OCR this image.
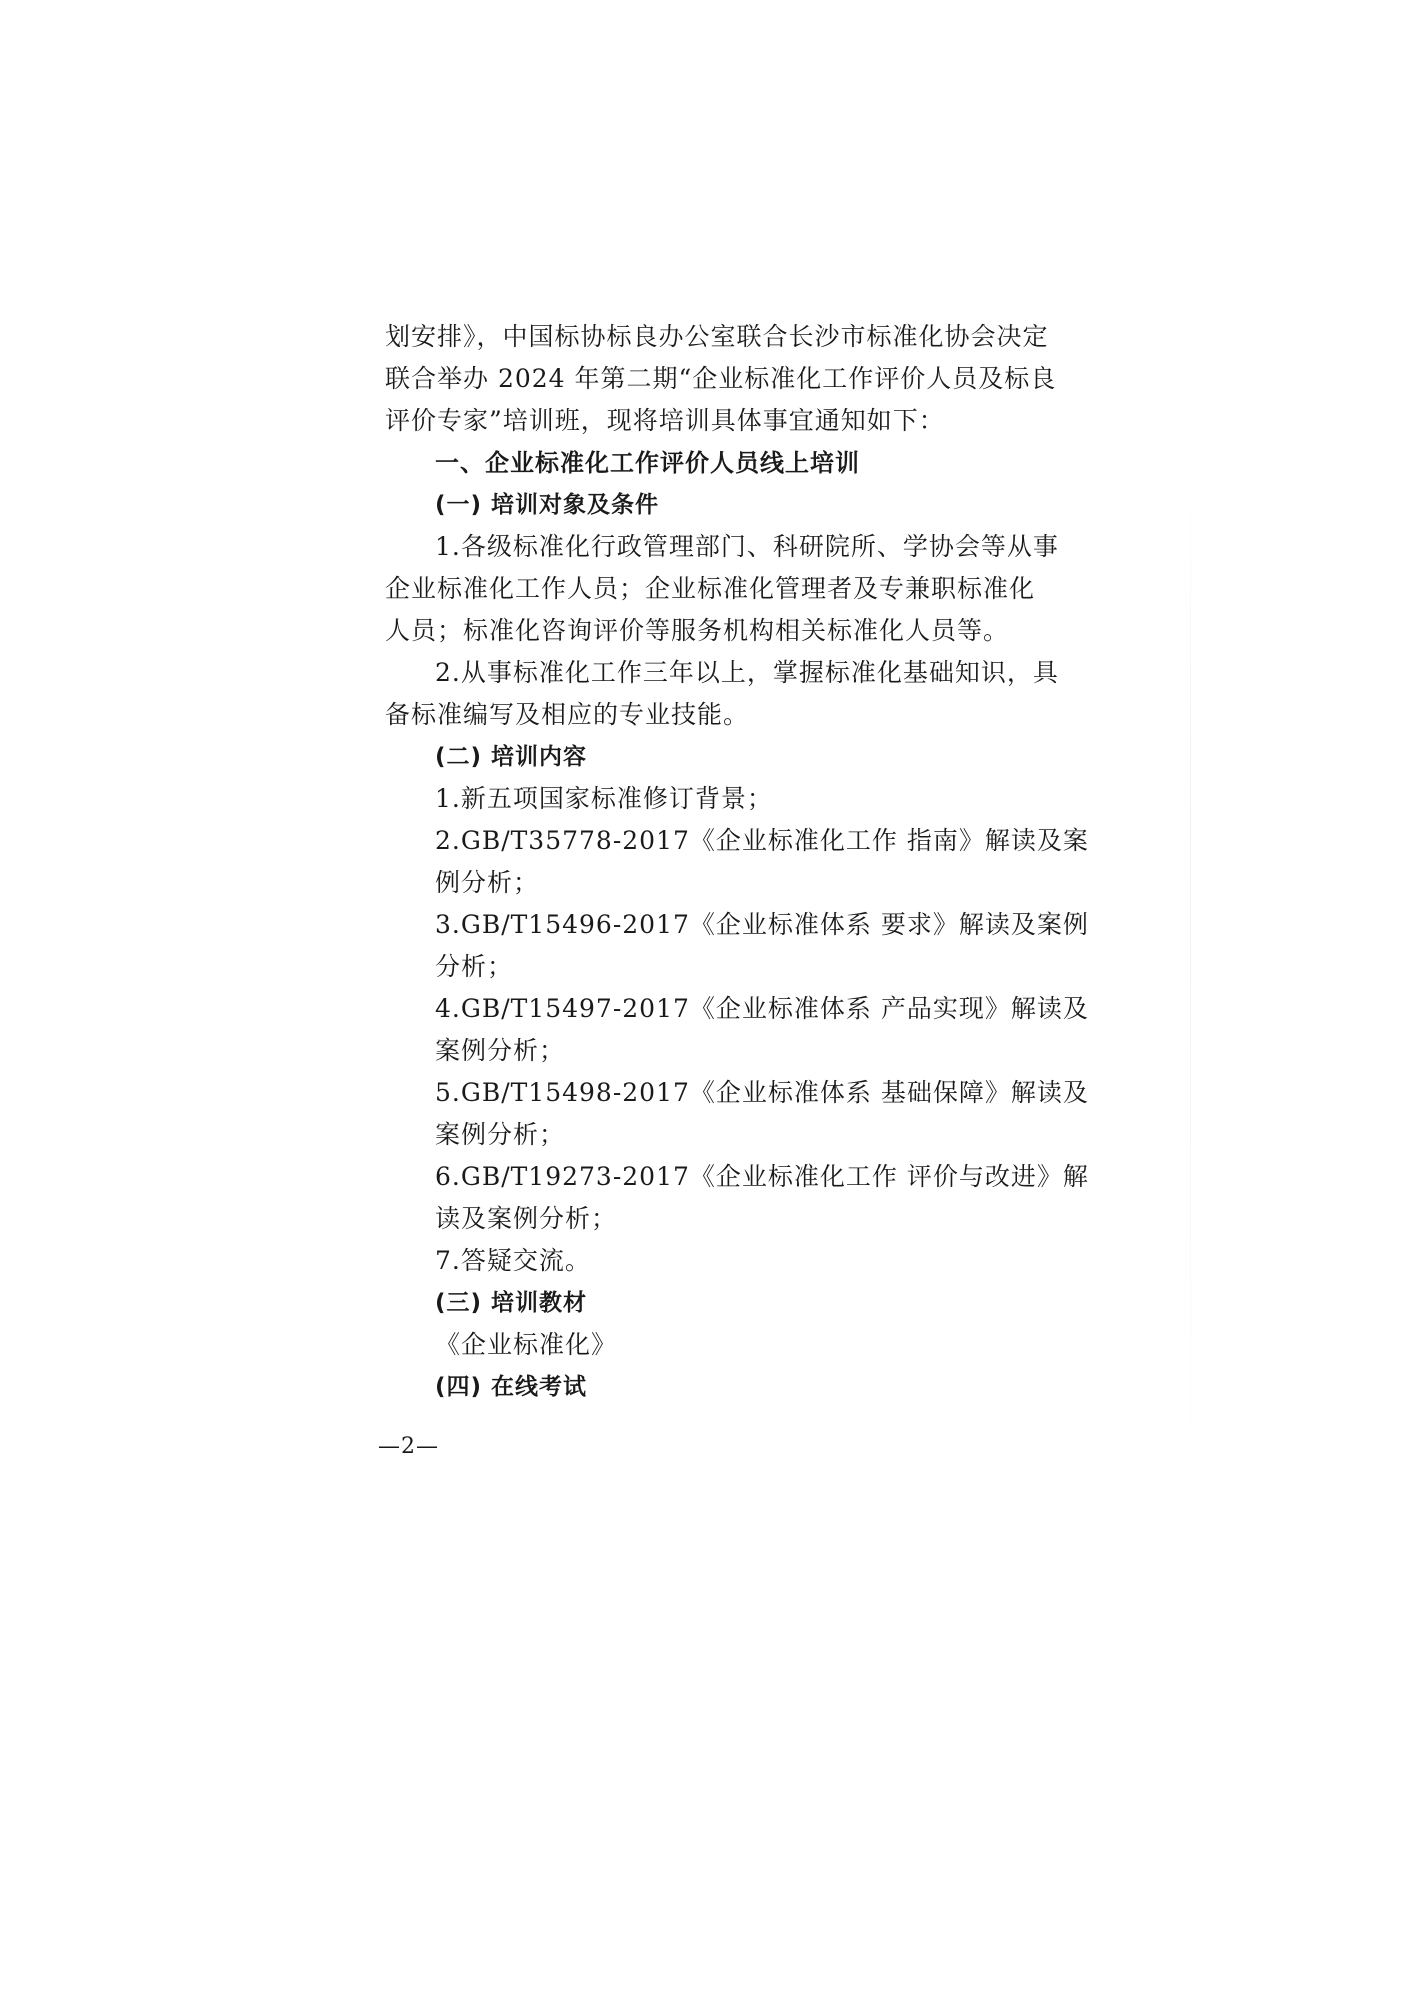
划安排》，中国标协标良办公室联合长沙市标准化协会决定
联合举办 2024 年第二期“企业标准化工作评价人员及标良
评价专家”培训班，现将培训具体事宜通知如下：
一、企业标准化工作评价人员线上培训
(一) 培训对象及条件
1.各级标准化行政管理部门、科研院所、学协会等从事
企业标准化工作人员；企业标准化管理者及专兼职标准化
人员；标准化咨询评价等服务机构相关标准化人员等。
2.从事标准化工作三年以上，掌握标准化基础知识，具
备标准编写及相应的专业技能。
(二) 培训内容
1.新五项国家标准修订背景；
2.GB/T35778-2017《企业标准化工作 指南》解读及案
例分析；
3.GB/T15496-2017《企业标准体系 要求》解读及案例
分析；
4.GB/T15497-2017《企业标准体系 产品实现》解读及
案例分析；
5.GB/T15498-2017《企业标准体系 基础保障》解读及
案例分析；
6.GB/T19273-2017《企业标准化工作 评价与改进》解
读及案例分析；
7.答疑交流。
(三) 培训教材
《企业标准化》
(四) 在线考试
—2—
